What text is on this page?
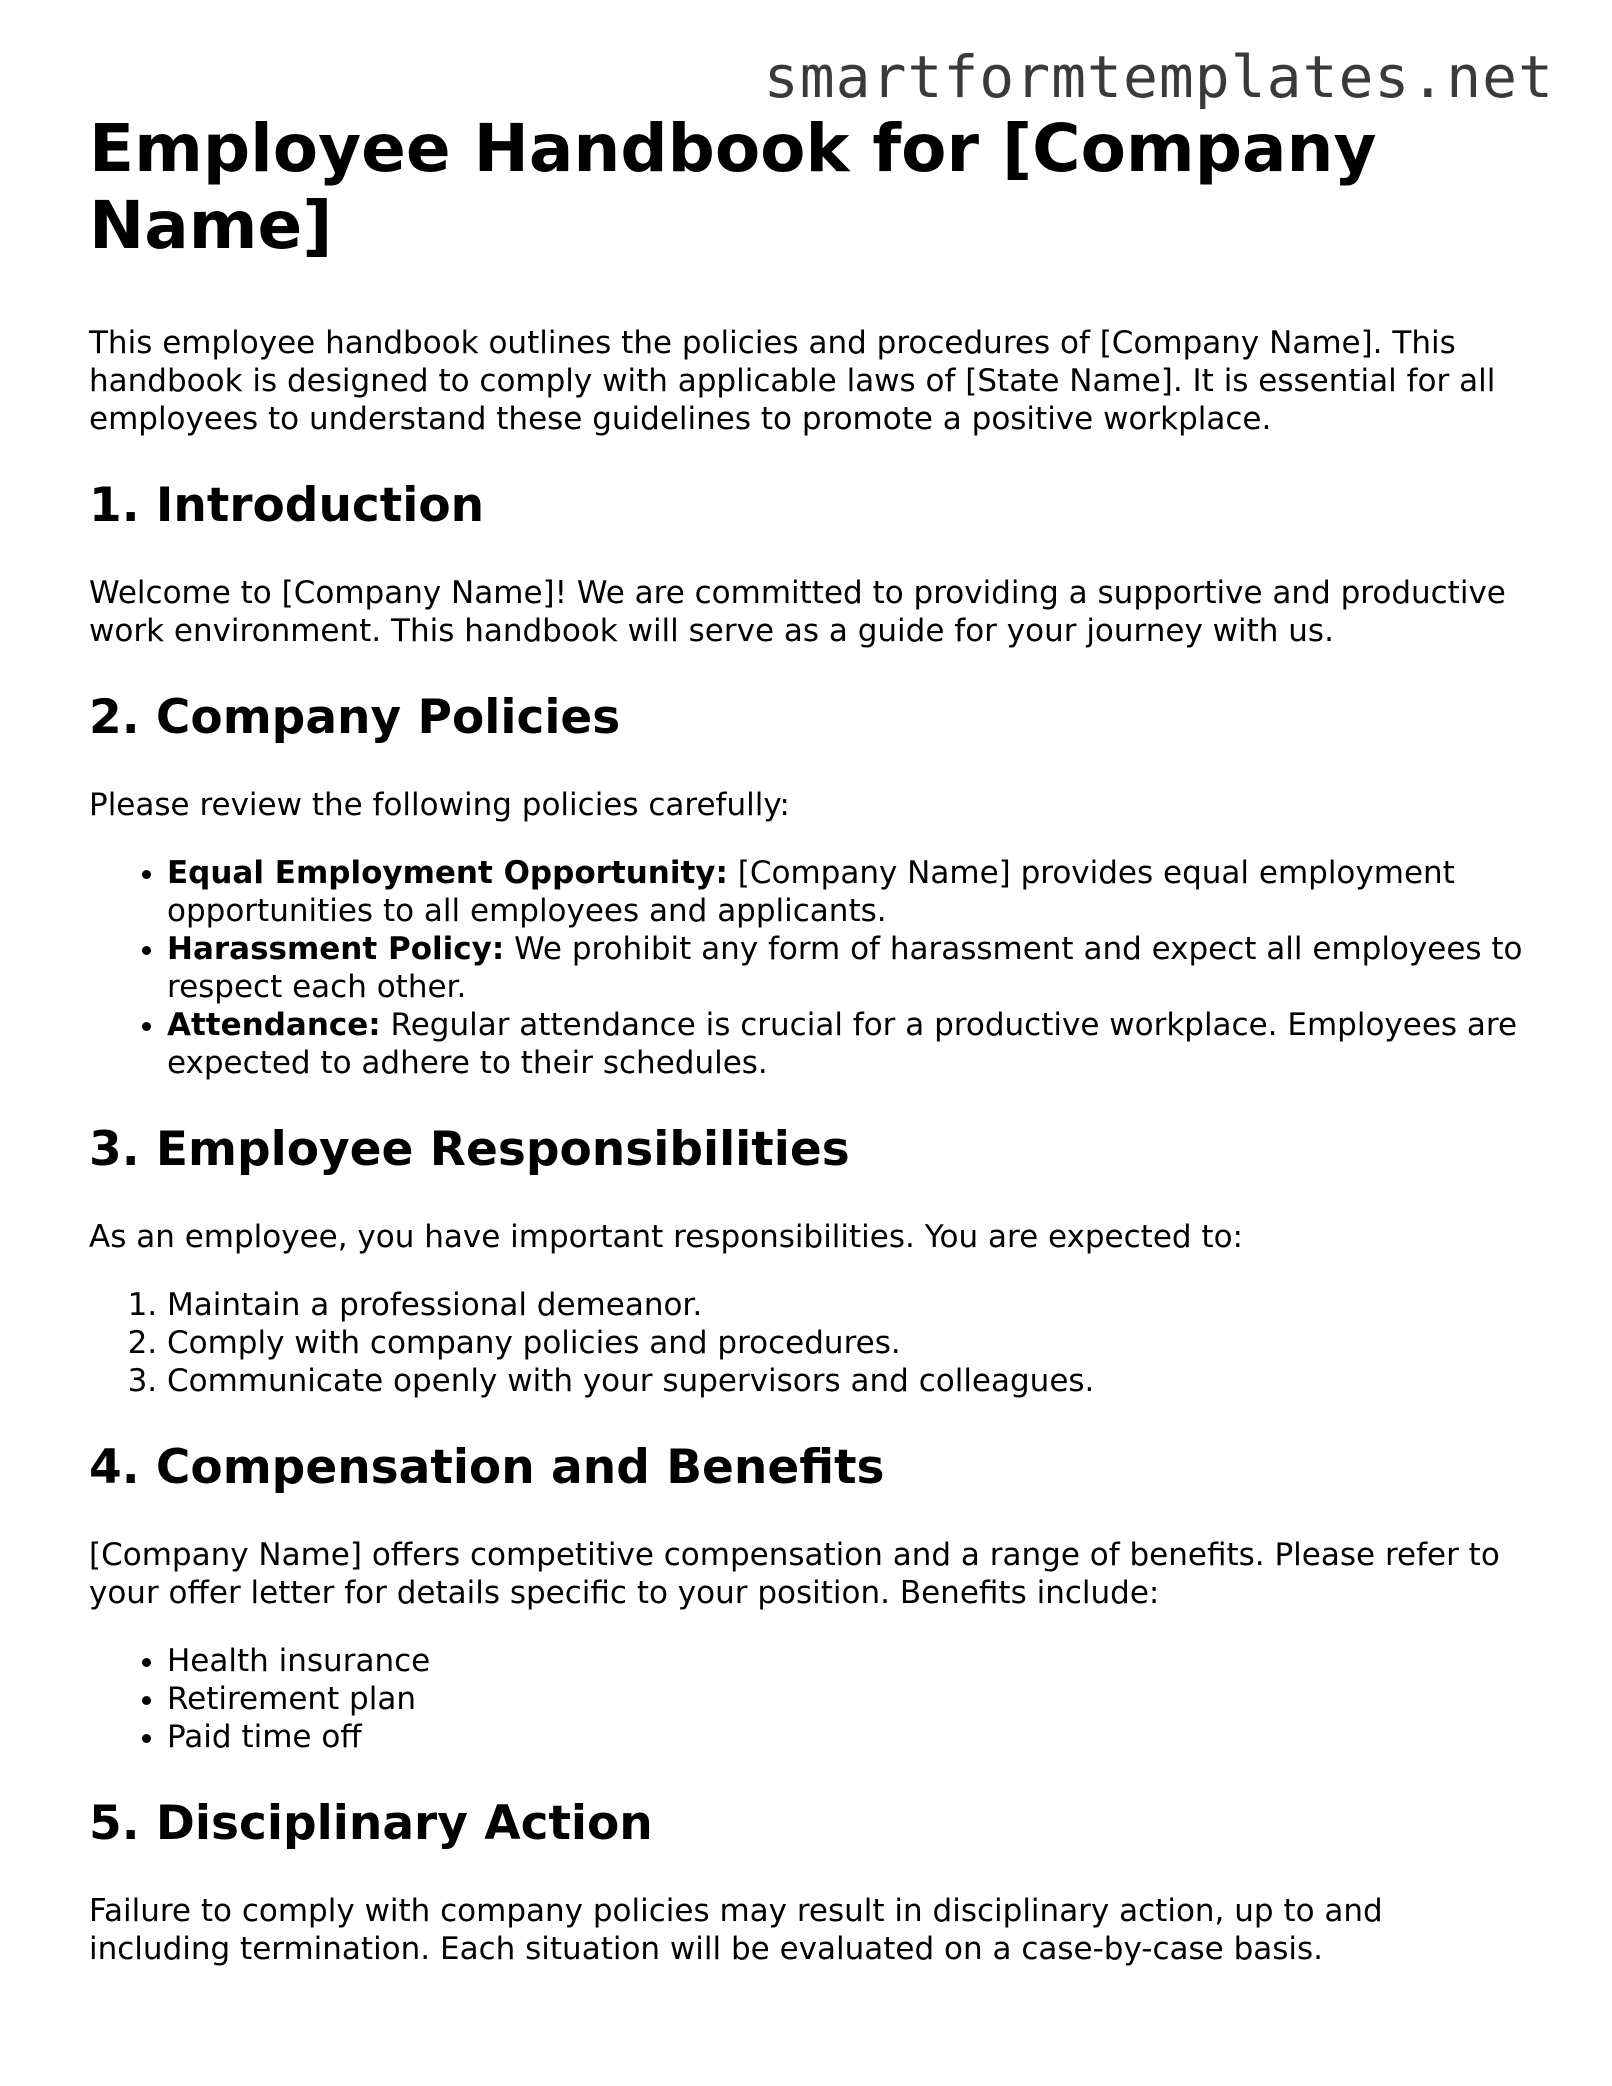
smartformtemplates.net
Employee Handbook for [Company Name]

This employee handbook outlines the policies and procedures of [Company Name]. This handbook is designed to comply with applicable laws of [State Name]. It is essential for all employees to understand these guidelines to promote a positive workplace.

1. Introduction

Welcome to [Company Name]! We are committed to providing a supportive and productive work environment. This handbook will serve as a guide for your journey with us.

2. Company Policies

Please review the following policies carefully:

• Equal Employment Opportunity: [Company Name] provides equal employment opportunities to all employees and applicants.
• Harassment Policy: We prohibit any form of harassment and expect all employees to respect each other.
• Attendance: Regular attendance is crucial for a productive workplace. Employees are expected to adhere to their schedules.
3. Employee Responsibilities

As an employee, you have important responsibilities. You are expected to:

1. Maintain a professional demeanor.
2. Comply with company policies and procedures.
3. Communicate openly with your supervisors and colleagues.
4. Compensation and Benefits

[Company Name] offers competitive compensation and a range of benefits. Please refer to your offer letter for details specific to your position. Benefits include:

• Health insurance
• Retirement plan
• Paid time off
5. Disciplinary Action

Failure to comply with company policies may result in disciplinary action, up to and including termination. Each situation will be evaluated on a case-by-case basis.
